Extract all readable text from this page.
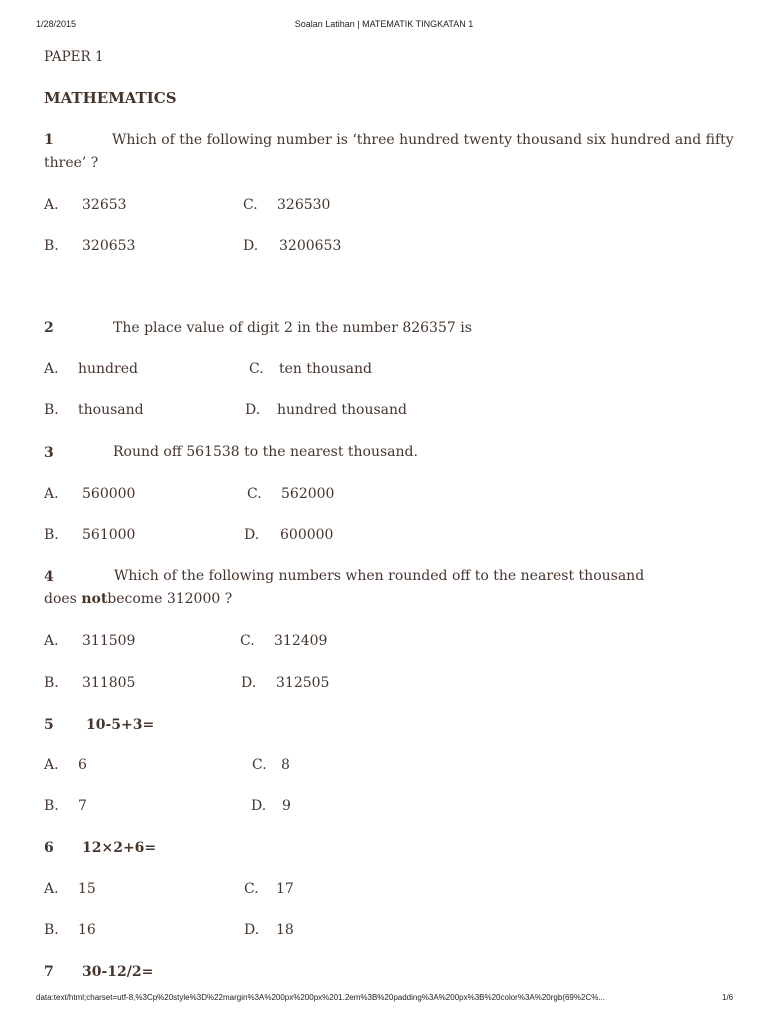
1/28/2015	Soalan Latihan | MATEMATIK TINGKATAN 1
PAPER 1
MATHEMATICS
1	Which of the following number is ‘three hundred twenty thousand six hundred and fifty
three’ ?
A. 32653	C. 326530
B. 320653	D. 3200653
2	The place value of digit 2 in the number 826357 is
A. hundred	C. ten thousand
B. thousand	D. hundred thousand
3	Round off 561538 to the nearest thousand.
A. 560000	C. 562000
B. 561000	D. 600000
4	Which of the following numbers when rounded off to the nearest thousand
does notbecome 312000 ?
A. 311509	C. 312409
B. 311805	D. 312505
5 10-5+3=
A. 6	C. 8
B. 7	D. 9
6 12×2+6=
A. 15	C. 17
B. 16	D. 18
7 30-12/2=
data:text/html;charset=utf-8,%3Cp%20style%3D%22margin%3A%200px%200px%201.2em%3B%20padding%3A%200px%3B%20color%3A%20rgb(69%2C%...	1/6
